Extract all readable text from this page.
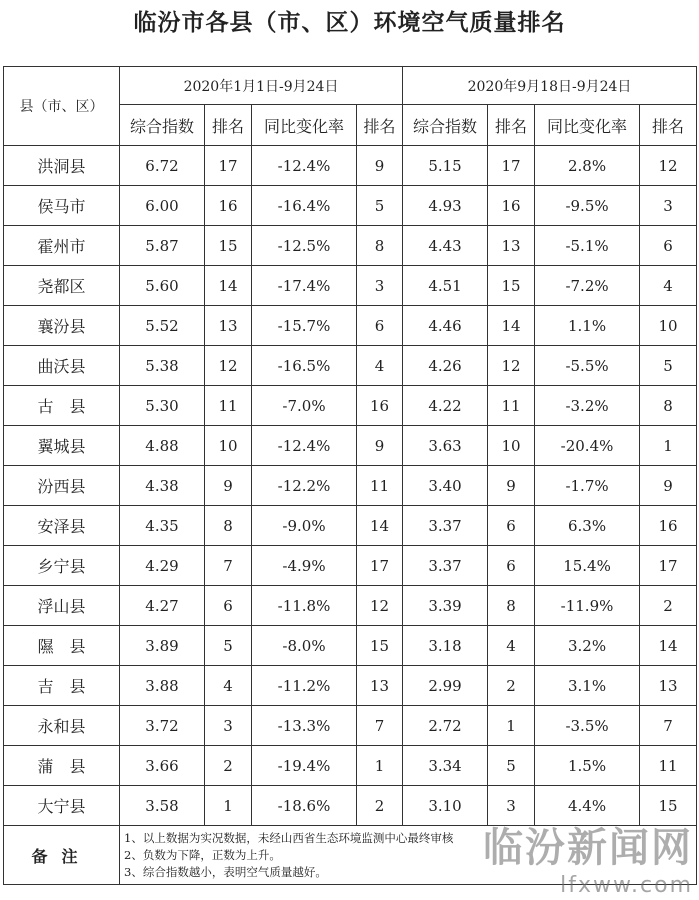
临汾市各县（市、区）环境空气质量排名
县（市、区）	2020年1月1日-9月24日				2020年9月18日-9月24日			
	综合指数	排名	同比变化率	排名	综合指数	排名	同比变化率	排名
洪洞县	6.72	17	-12.4%	9	5.15	17	2.8%	12
侯马市	6.00	16	-16.4%	5	4.93	16	-9.5%	3
霍州市	5.87	15	-12.5%	8	4.43	13	-5.1%	6
尧都区	5.60	14	-17.4%	3	4.51	15	-7.2%	4
襄汾县	5.52	13	-15.7%	6	4.46	14	1.1%	10
曲沃县	5.38	12	-16.5%	4	4.26	12	-5.5%	5
古　县	5.30	11	-7.0%	16	4.22	11	-3.2%	8
翼城县	4.88	10	-12.4%	9	3.63	10	-20.4%	1
汾西县	4.38	9	-12.2%	11	3.40	9	-1.7%	9
安泽县	4.35	8	-9.0%	14	3.37	6	6.3%	16
乡宁县	4.29	7	-4.9%	17	3.37	6	15.4%	17
浮山县	4.27	6	-11.8%	12	3.39	8	-11.9%	2
隰　县	3.89	5	-8.0%	15	3.18	4	3.2%	14
吉　县	3.88	4	-11.2%	13	2.99	2	3.1%	13
永和县	3.72	3	-13.3%	7	2.72	1	-3.5%	7
蒲　县	3.66	2	-19.4%	1	3.34	5	1.5%	11
大宁县	3.58	1	-18.6%	2	3.10	3	4.4%	15
备注	1、以上数据为实况数据，未经山西省生态环境监测中心最终审核
2、负数为下降，正数为上升。
3、综合指数越小，表明空气质量越好。							
临汾新闻网
lfxww.com
